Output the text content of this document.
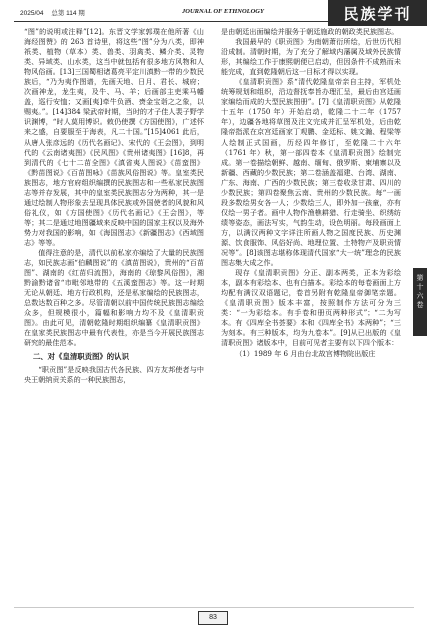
2025/04 总第 114 期	JOURNAL OF ETHNOLOGY	民族学刊
第
十
六
卷

“图”的说明或注释”[12]。东晋文学家郭璞在他所著《山海经图赞》的 263 首诗里，将这些“图”分为八类，即神祇类、植物（草本）类、兽类、羽禽类、鳞介类、灵物类、异域类、山水类，这当中就包括有很多地方风物和人物风俗画。[13]三国蜀相诸葛亮平定川滇黔一带的少数民族后，“乃为夷作图谱，先画天地、日月、君长、城府；次画神龙，龙生夷，及牛、马、羊；后画部主吏乘马幡盖，巡行安恤；又画[夷]牵牛负酒、赍金宝诣之之象，以赐夷。”。[14]384 梁武帝时期，当时的才子佳人裴子野学识渊博，“时人莫用博识。敕仍使撰《方国使图》，广述怀来之盛，自要服至于海表，凡二十国。”[15]4061 此后，从唐人张彦远的《历代名画记》、宋代的《王会图》，到明代的《云南诸夷图》《民风图》《贵州诸夷图》[16]8，再到清代的《七十二苗全图》《滇省夷人图说》《苗蛮图》《黔苗图说》《百苗图咏》《苗族风俗图说》等。皇室类民族图志，地方官府组织编撰的民族图志和一些私家民族图志等并存发展，其中的皇室类民族图志分为两种，其一是通过绘制人物形象去呈现具体民族或外国使者的风貌和风俗礼仪，如《方国使图》《历代名画记》《王会图》，等等；其二是通过地图疆域来反映中国的国家主权以及海外势力对我国的影响，如《海国图志》《新疆图志》《西域图志》等等。

值得注意的是，清代以前私家亦编绘了大量的民族图志，如民族志画“伯麟图说”的《滇苗图说》，贵州的“百苗图”、湖南的《红苗归流图》，海南的《琼黎风俗图》，湘黔渝黔诸省“市毗邻地带的《五溪蛮图志》等。这一时期无论从朝廷、地方行政机构，还是私家编绘的民族图志，总数达数百种之多。尽管清朝以前中国传统民族图志编绘众多，但规模很小，篇幅和影响力均不及《皇清职贡图》。由此可见，清朝乾隆时期组织编纂《皇清职贡图》在皇家类民族图志中最有代表性，亦是当今开展民族图志研究的最佳范本。

二、对《皇清职贡图》的认识

“职贡图”是反映我国古代各民族、四方友邦使者与中央王朝纳贡关系的一种民族图志，

是由朝廷出面编绘并服务于朝廷施政的朝政类民族图志。

我国最早的《职贡图》为南朝萧衍所绘，后世历代相沿成制。清朝时期，为了充分了解域内藩属及域外民族情形，其编绘工作于康熙朝便已启动，但因条件不成熟而未能完成，直到乾隆朝后这一目标才得以实现。

《皇清职贡图》系“清代乾隆皇帝亲自主持，军机处统筹规划和组织，沿边督抚奉旨办理汇呈，最后由宫廷画家编绘而成的大型民族图册”。[7]《皇清职贡图》从乾隆十五年（1750 年）开始启动，乾隆二十二年（1757 年），边疆各地将草图及注文完成并汇呈军机处，后由乾隆帝指派在京宫廷画家丁观鹏、金廷标、姚文瀚、程梁等人绘制正式国画，历经四年修订，至乾隆二十六年（1761 年）秋，第一部四卷本《皇清职贡图》绘制完成。第一卷描绘朝鲜、越南、缅甸、俄罗斯、柬埔寨以及新疆、西藏的少数民族；第二卷涵盖福建、台湾、湖南、广东、海南、广西的少数民族；第三卷收录甘肃、四川的少数民族；第四卷聚焦云南、贵州的少数民族。每“一画段多数绘男女各一人；少数绘三人，即外加一孩童，亦有仅绘一男子者。画中人物作渔樵耕猎、行走骑坐、织绣纺绩等姿态，画法写实，气韵生动，设色明丽。每段画面上方，以满汉两种文字详注所画人物之国度民族、历史渊源、饮食服饰、风俗好尚、地理位置、土特物产及职贡情况等”。[8]该图志堪称体现清代国家“大一统”理念的民族图志集大成之作。

现存《皇清职贡图》分正、副本两类，正本为彩绘本，副本有彩绘本、也有白描本。彩绘本的每卷画面上方均配有满汉双语题记，卷首另附有乾隆皇帝御笔亲题。《皇清职贡图》版本丰富，按照制作方法可分为三类：“一为彩绘本。有手卷和册页两种形式”；“二为写本。有《四库全书荟要》本和《四库全书》本两种”；“三为刻本。有三种版本，均为九卷本”。[9]从已出版的《皇清职贡图》诸版本中，目前可见者主要有以下四个版本：

（1）1989 年 6 月由台北故宫博物院出版庄

83
